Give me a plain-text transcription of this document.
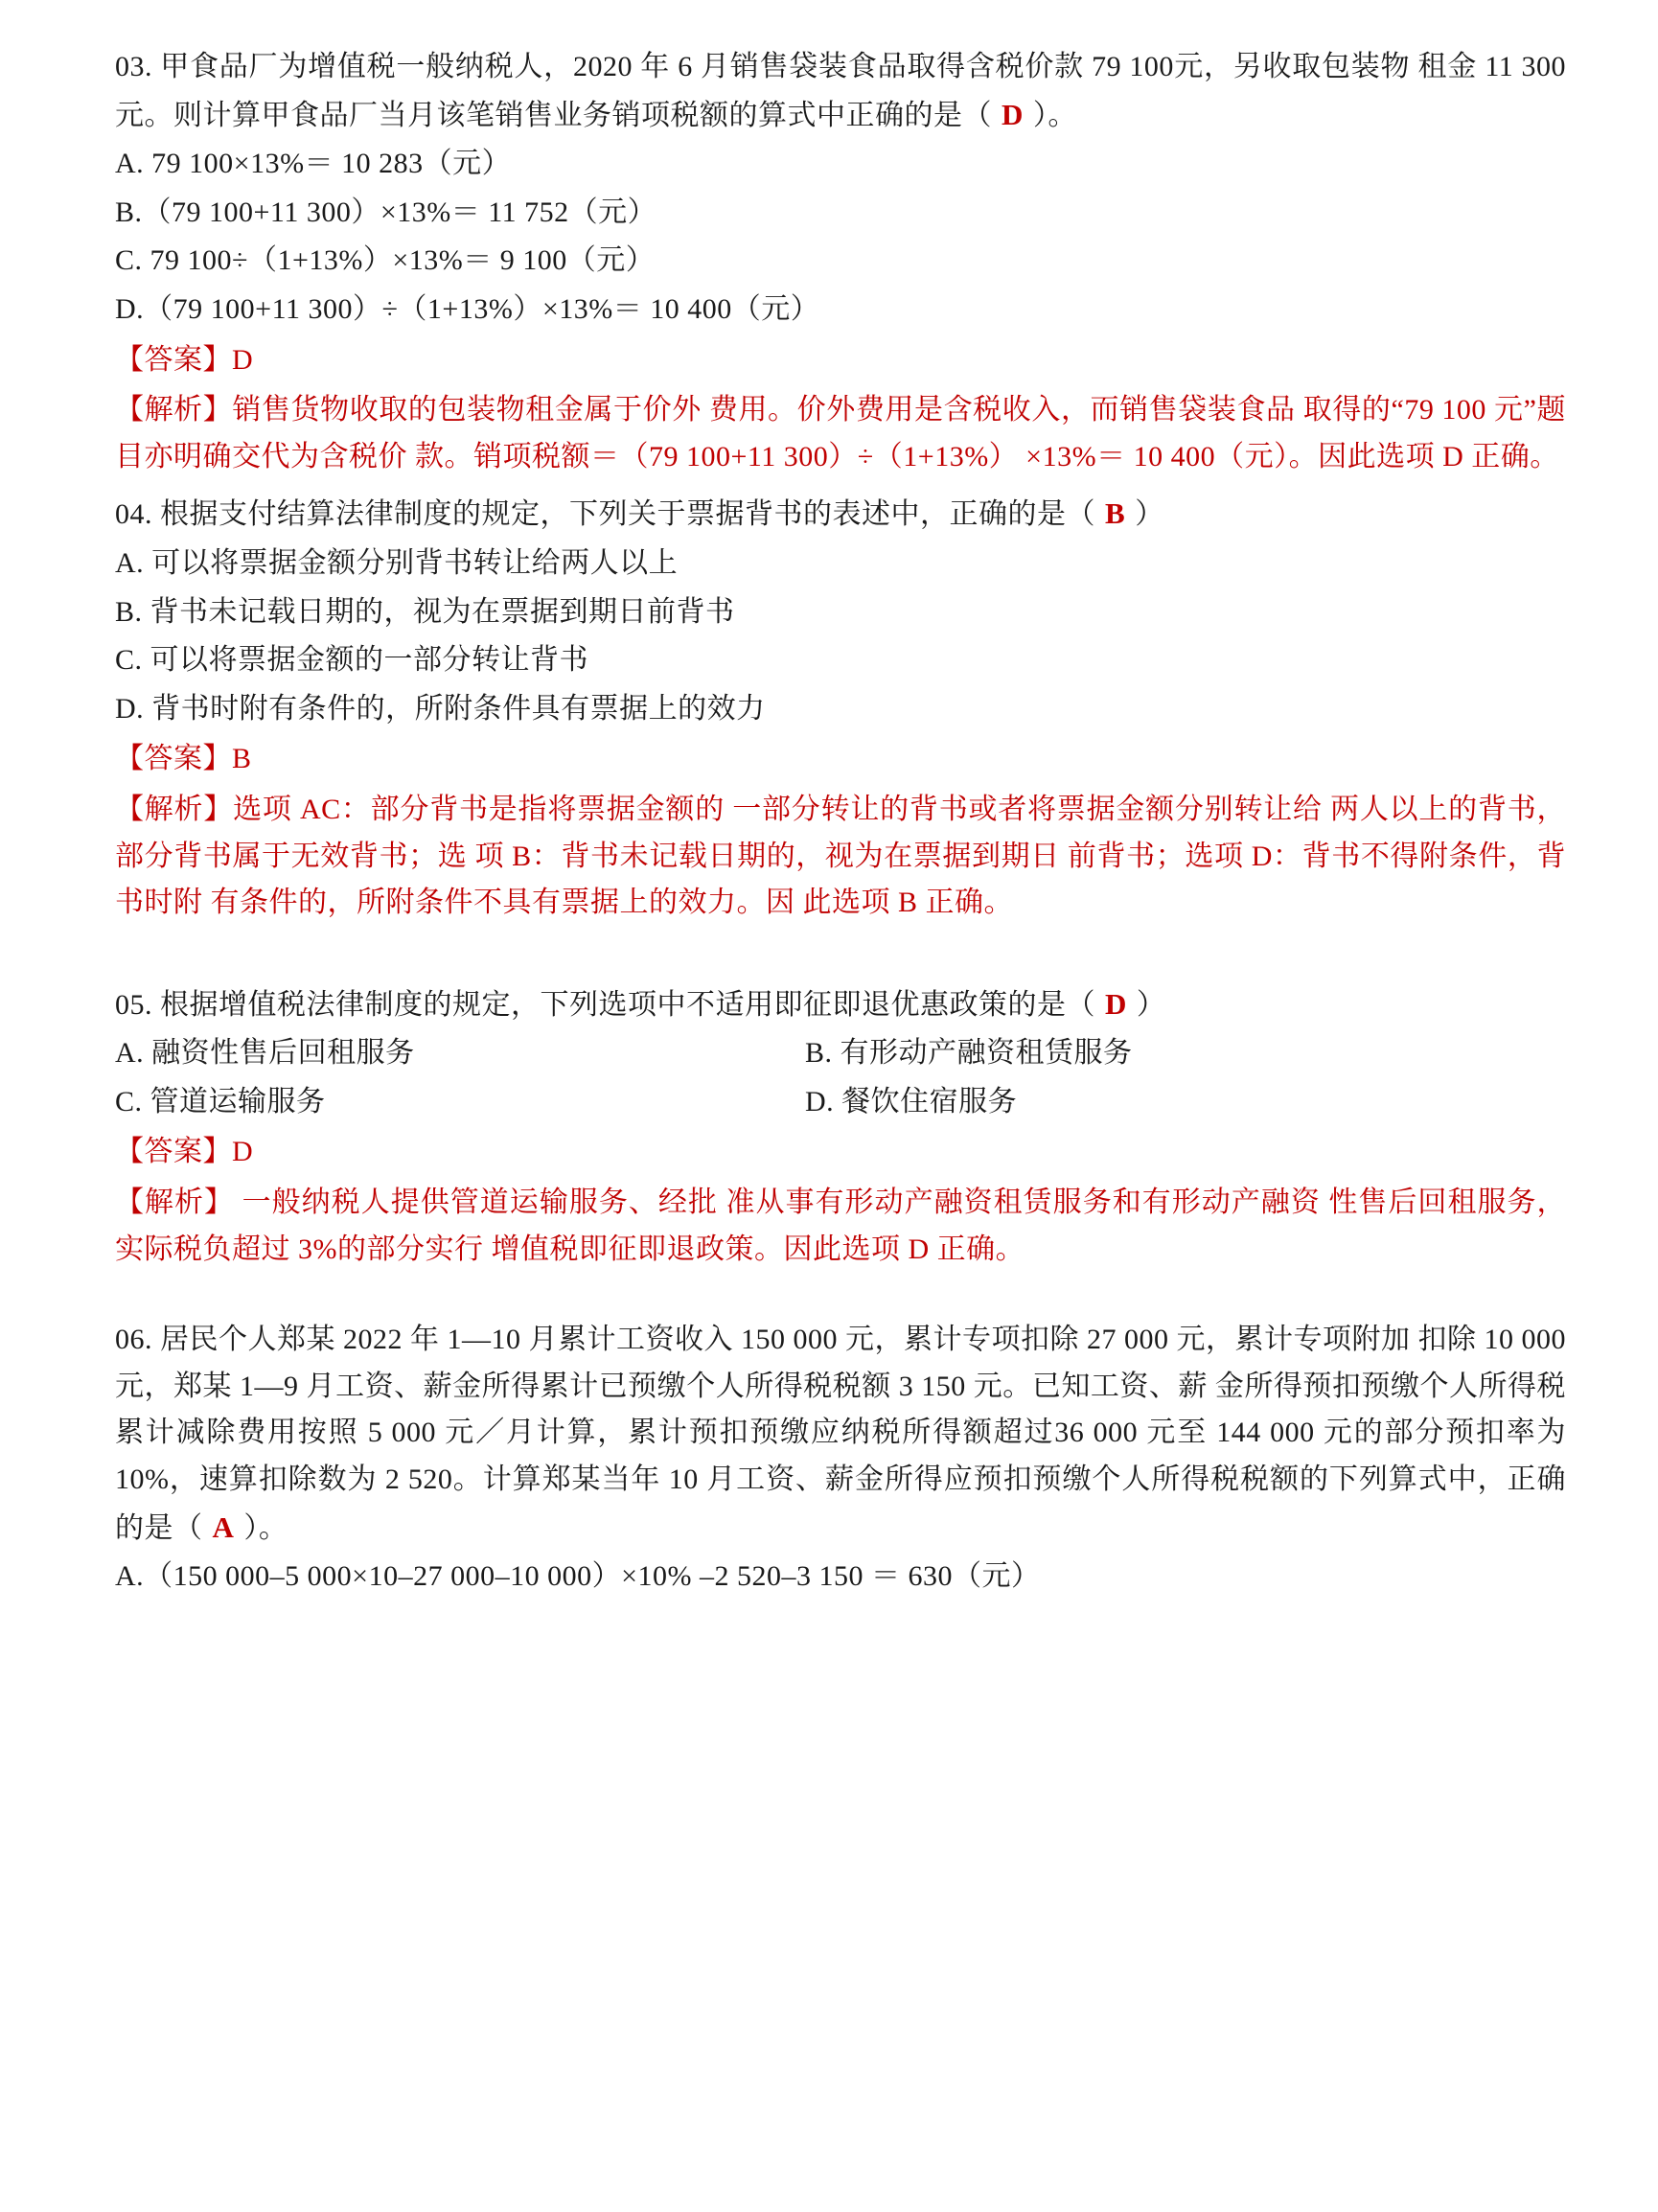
03. 甲食品厂为增值税一般纳税人，2020 年 6 月销售袋装食品取得含税价款 79 100元，另收取包装物 租金 11 300 元。则计算甲食品厂当月该笔销售业务销项税额的算式中正确的是（ D ）。

A. 79 100×13%＝ 10 283（元）

B.（79 100+11 300）×13%＝ 11 752（元）

C. 79 100÷（1+13%）×13%＝ 9 100（元）

D.（79 100+11 300）÷（1+13%）×13%＝ 10 400（元）

【答案】D

【解析】销售货物收取的包装物租金属于价外 费用。价外费用是含税收入，而销售袋装食品 取得的“79 100 元”题目亦明确交代为含税价 款。销项税额＝（79 100+11 300）÷（1+13%） ×13%＝ 10 400（元）。因此选项 D 正确。

04. 根据支付结算法律制度的规定，下列关于票据背书的表述中，正确的是（ B ）

A. 可以将票据金额分别背书转让给两人以上

B. 背书未记载日期的，视为在票据到期日前背书

C. 可以将票据金额的一部分转让背书

D. 背书时附有条件的，所附条件具有票据上的效力

【答案】B

【解析】选项 AC：部分背书是指将票据金额的 一部分转让的背书或者将票据金额分别转让给 两人以上的背书，部分背书属于无效背书；选 项 B：背书未记载日期的，视为在票据到期日 前背书；选项 D：背书不得附条件，背书时附 有条件的，所附条件不具有票据上的效力。因 此选项 B 正确。

05. 根据增值税法律制度的规定，下列选项中不适用即征即退优惠政策的是（ D ）

A. 融资性售后回租服务	B. 有形动产融资租赁服务
C. 管道运输服务	D. 餐饮住宿服务

【答案】D

【解析】 一般纳税人提供管道运输服务、经批 准从事有形动产融资租赁服务和有形动产融资 性售后回租服务，实际税负超过 3%的部分实行 增值税即征即退政策。因此选项 D 正确。

06. 居民个人郑某 2022 年 1—10 月累计工资收入 150 000 元，累计专项扣除 27 000 元，累计专项附加 扣除 10 000 元，郑某 1—9 月工资、薪金所得累计已预缴个人所得税税额 3 150 元。已知工资、薪 金所得预扣预缴个人所得税累计减除费用按照 5 000 元／月计算，累计预扣预缴应纳税所得额超过36 000 元至 144 000 元的部分预扣率为 10%，速算扣除数为 2 520。计算郑某当年 10 月工资、薪金所得应预扣预缴个人所得税税额的下列算式中，正确的是（ A ）。

A.（150 000–5 000×10–27 000–10 000）×10% –2 520–3 150 ＝ 630（元）
